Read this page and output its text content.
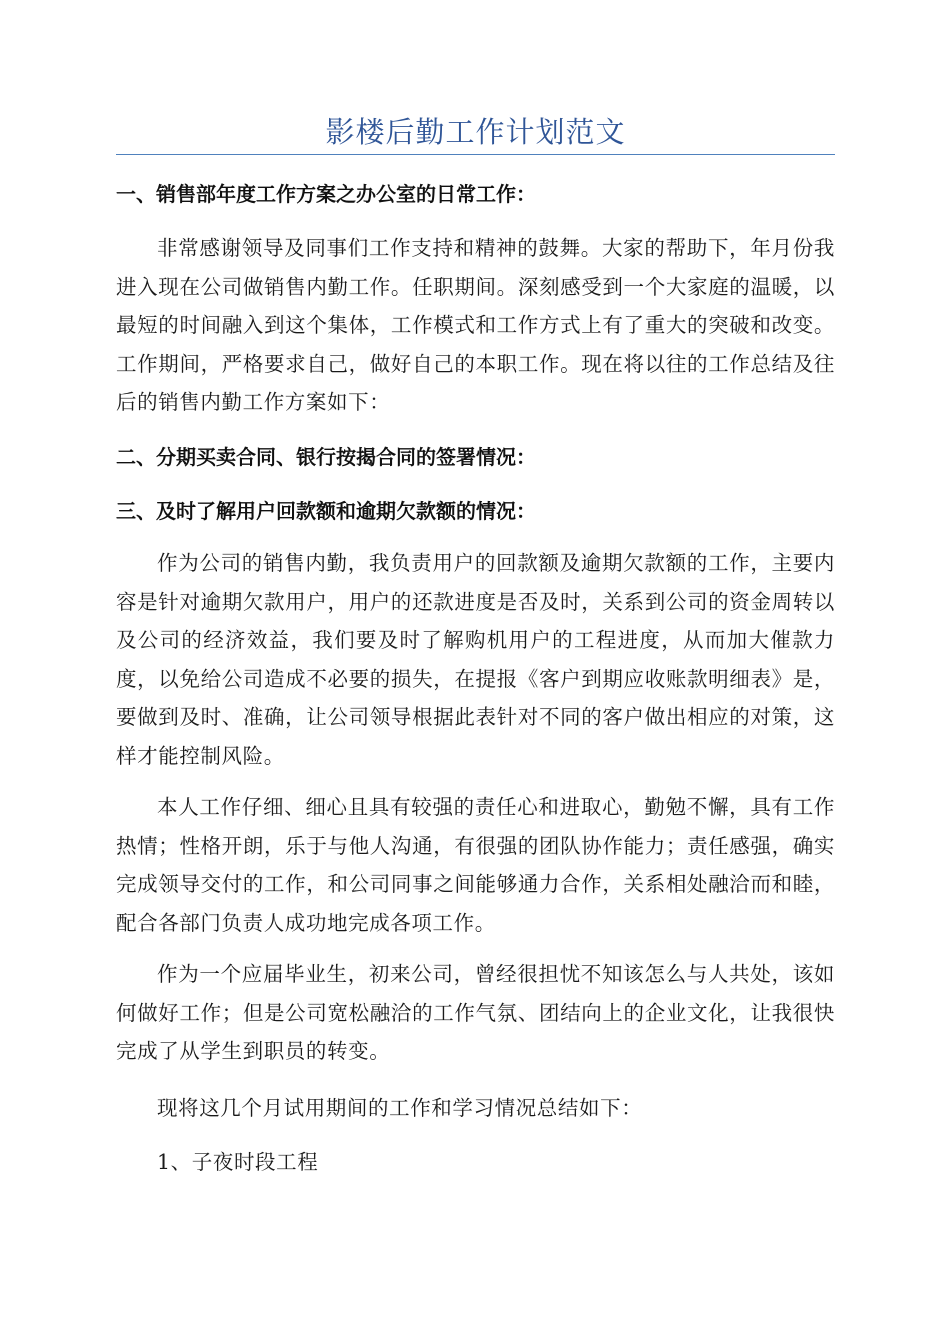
影楼后勤工作计划范文
一、销售部年度工作方案之办公室的日常工作：
非常感谢领导及同事们工作支持和精神的鼓舞。大家的帮助下，年月份我进入现在公司做销售内勤工作。任职期间。深刻感受到一个大家庭的温暖，以最短的时间融入到这个集体，工作模式和工作方式上有了重大的突破和改变。工作期间，严格要求自己，做好自己的本职工作。现在将以往的工作总结及往后的销售内勤工作方案如下：
二、分期买卖合同、银行按揭合同的签署情况：
三、及时了解用户回款额和逾期欠款额的情况：
作为公司的销售内勤，我负责用户的回款额及逾期欠款额的工作，主要内容是针对逾期欠款用户，用户的还款进度是否及时，关系到公司的资金周转以及公司的经济效益，我们要及时了解购机用户的工程进度，从而加大催款力度，以免给公司造成不必要的损失，在提报《客户到期应收账款明细表》是，要做到及时、准确，让公司领导根据此表针对不同的客户做出相应的对策，这样才能控制风险。
本人工作仔细、细心且具有较强的责任心和进取心，勤勉不懈，具有工作热情；性格开朗，乐于与他人沟通，有很强的团队协作能力；责任感强，确实完成领导交付的工作，和公司同事之间能够通力合作，关系相处融洽而和睦，配合各部门负责人成功地完成各项工作。
作为一个应届毕业生，初来公司，曾经很担忧不知该怎么与人共处，该如何做好工作；但是公司宽松融洽的工作气氛、团结向上的企业文化，让我很快完成了从学生到职员的转变。
现将这几个月试用期间的工作和学习情况总结如下：
1、子夜时段工程
